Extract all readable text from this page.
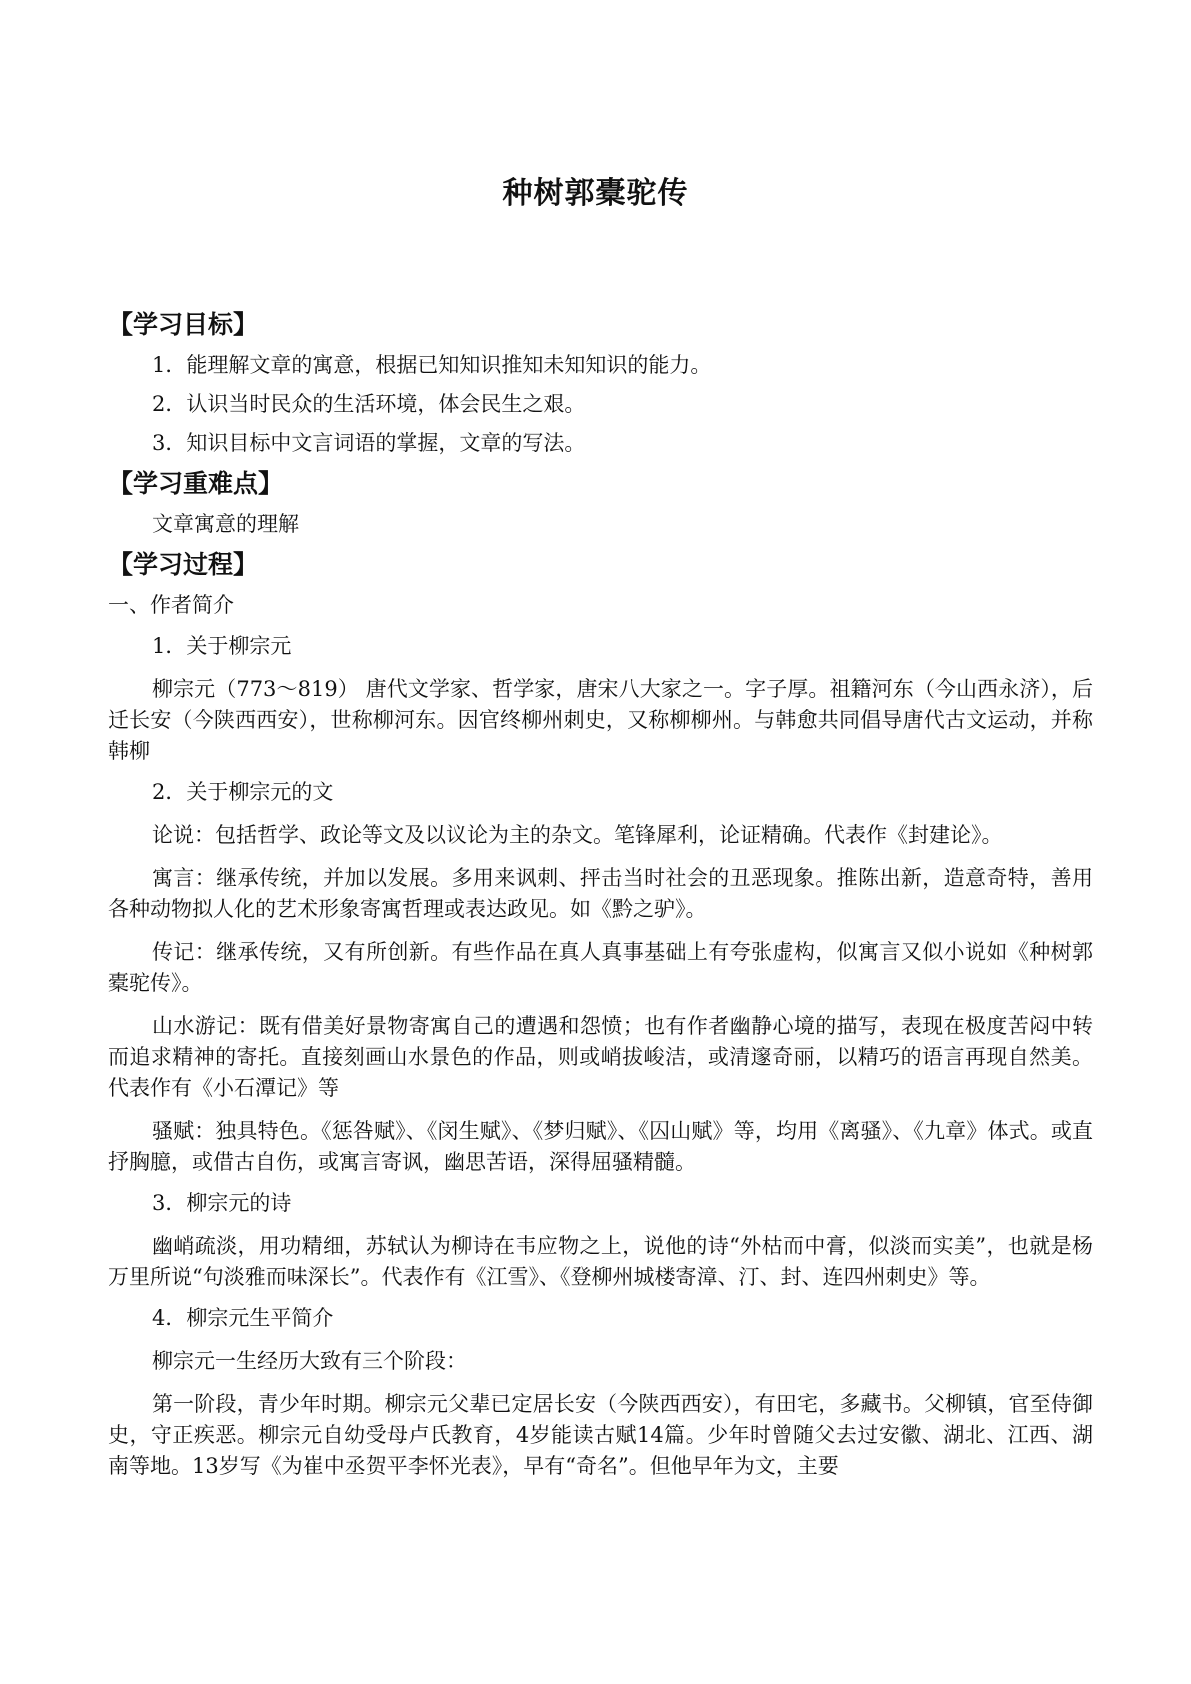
种树郭橐驼传

【学习目标】

1．能理解文章的寓意，根据已知知识推知未知知识的能力。

2．认识当时民众的生活环境，体会民生之艰。

3．知识目标中文言词语的掌握，文章的写法。

【学习重难点】

文章寓意的理解

【学习过程】

一、作者简介

1．关于柳宗元

柳宗元（773～819） 唐代文学家、哲学家，唐宋八大家之一。字子厚。祖籍河东（今山西永济），后迁长安（今陕西西安），世称柳河东。因官终柳州刺史，又称柳柳州。与韩愈共同倡导唐代古文运动，并称韩柳

2．关于柳宗元的文

论说：包括哲学、政论等文及以议论为主的杂文。笔锋犀利，论证精确。代表作《封建论》。

寓言：继承传统，并加以发展。多用来讽刺、抨击当时社会的丑恶现象。推陈出新，造意奇特，善用各种动物拟人化的艺术形象寄寓哲理或表达政见。如《黔之驴》。

传记：继承传统，又有所创新。有些作品在真人真事基础上有夸张虚构，似寓言又似小说如《种树郭橐驼传》。

山水游记：既有借美好景物寄寓自己的遭遇和怨愤；也有作者幽静心境的描写，表现在极度苦闷中转而追求精神的寄托。直接刻画山水景色的作品，则或峭拔峻洁，或清邃奇丽，以精巧的语言再现自然美。代表作有《小石潭记》等

骚赋：独具特色。《惩咎赋》、《闵生赋》、《梦归赋》、《囚山赋》等，均用《离骚》、《九章》体式。或直抒胸臆，或借古自伤，或寓言寄讽，幽思苦语，深得屈骚精髓。

3．柳宗元的诗

幽峭疏淡，用功精细，苏轼认为柳诗在韦应物之上，说他的诗“外枯而中膏，似淡而实美”，也就是杨万里所说“句淡雅而味深长”。代表作有《江雪》、《登柳州城楼寄漳、汀、封、连四州刺史》等。

4．柳宗元生平简介

柳宗元一生经历大致有三个阶段：

第一阶段，青少年时期。柳宗元父辈已定居长安（今陕西西安），有田宅，多藏书。父柳镇，官至侍御史，守正疾恶。柳宗元自幼受母卢氏教育，4岁能读古赋14篇。少年时曾随父去过安徽、湖北、江西、湖南等地。13岁写《为崔中丞贺平李怀光表》，早有“奇名”。但他早年为文，主要
